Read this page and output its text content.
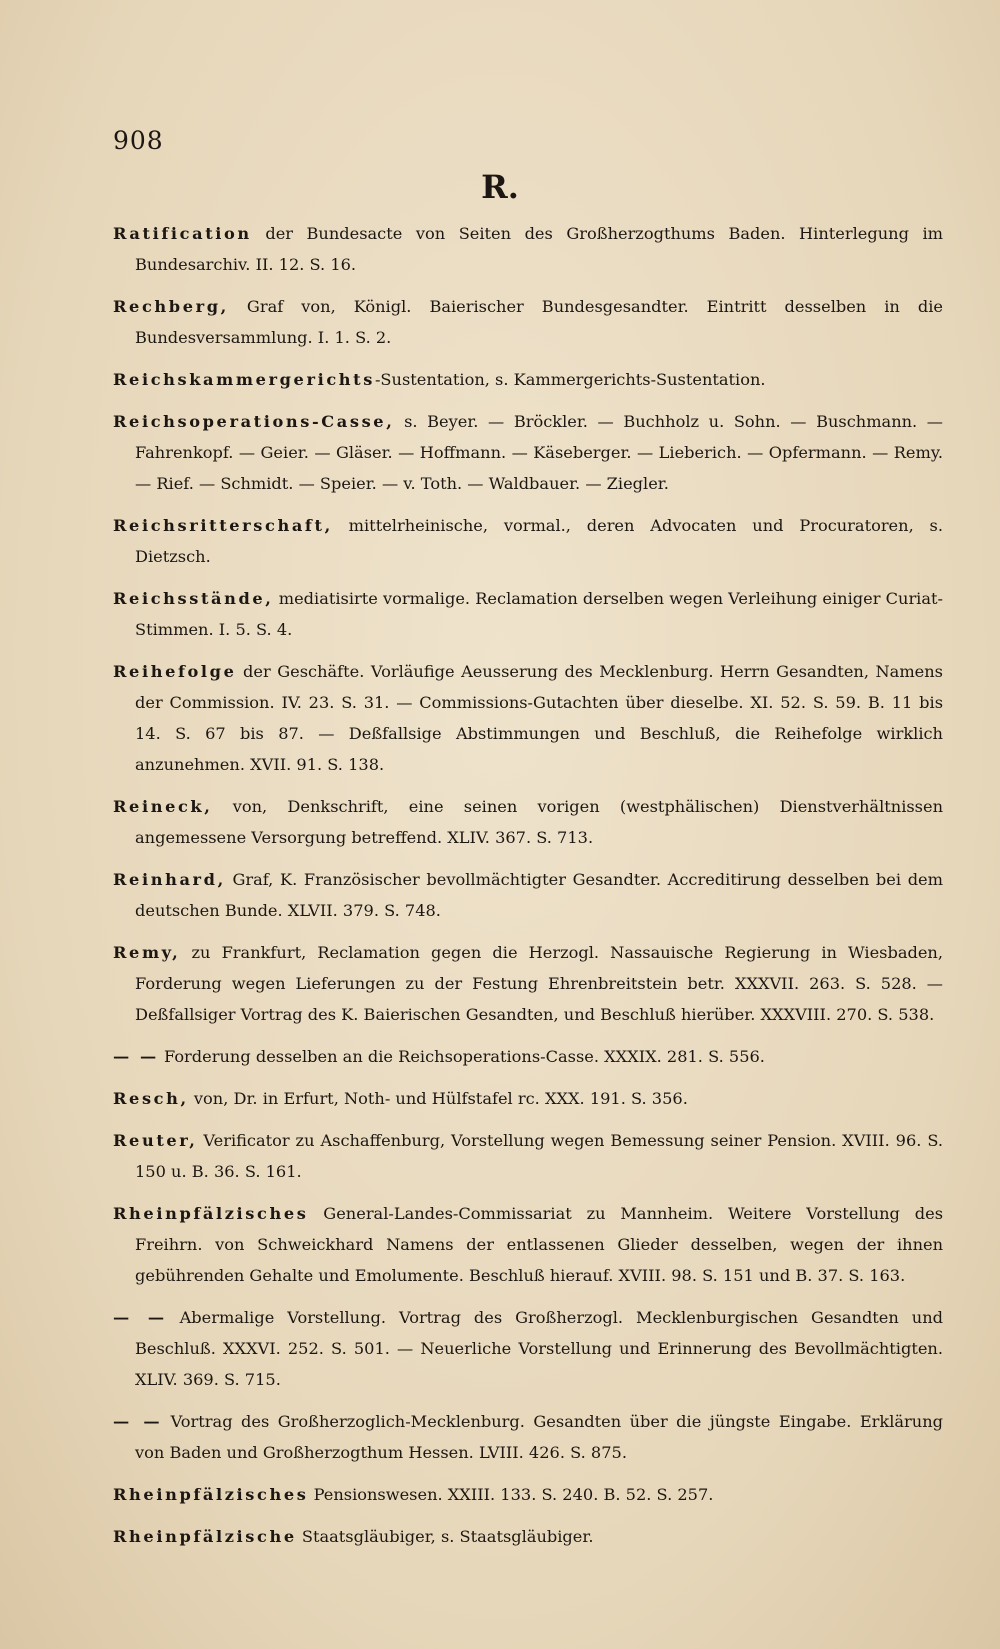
908
R.

Ratification der Bundesacte von Seiten des Großherzogthums Baden. Hinterlegung im Bundesarchiv. II. 12. S. 16.

Rechberg, Graf von, Königl. Baierischer Bundesgesandter. Eintritt desselben in die Bundesversammlung. I. 1. S. 2.

Reichskammergerichts-Sustentation, s. Kammergerichts-Sustentation.

Reichsoperations-Casse, s. Beyer. — Bröckler. — Buchholz u. Sohn. — Buschmann. — Fahrenkopf. — Geier. — Gläser. — Hoffmann. — Käseberger. — Lieberich. — Opfermann. — Remy. — Rief. — Schmidt. — Speier. — v. Toth. — Waldbauer. — Ziegler.

Reichsritterschaft, mittelrheinische, vormal., deren Advocaten und Procuratoren, s. Dietzsch.

Reichsstände, mediatisirte vormalige. Reclamation derselben wegen Verleihung einiger Curiat-Stimmen. I. 5. S. 4.

Reihefolge der Geschäfte. Vorläufige Aeusserung des Mecklenburg. Herrn Gesandten, Namens der Commission. IV. 23. S. 31. — Commissions-Gutachten über dieselbe. XI. 52. S. 59. B. 11 bis 14. S. 67 bis 87. — Deßfallsige Abstimmungen und Beschluß, die Reihefolge wirklich anzunehmen. XVII. 91. S. 138.

Reineck, von, Denkschrift, eine seinen vorigen (westphälischen) Dienstverhältnissen angemessene Versorgung betreffend. XLIV. 367. S. 713.

Reinhard, Graf, K. Französischer bevollmächtigter Gesandter. Accreditirung desselben bei dem deutschen Bunde. XLVII. 379. S. 748.

Remy, zu Frankfurt, Reclamation gegen die Herzogl. Nassauische Regierung in Wiesbaden, Forderung wegen Lieferungen zu der Festung Ehrenbreitstein betr. XXXVII. 263. S. 528. — Deßfallsiger Vortrag des K. Baierischen Gesandten, und Beschluß hierüber. XXXVIII. 270. S. 538.

— — Forderung desselben an die Reichsoperations-Casse. XXXIX. 281. S. 556.

Resch, von, Dr. in Erfurt, Noth- und Hülfstafel rc. XXX. 191. S. 356.

Reuter, Verificator zu Aschaffenburg, Vorstellung wegen Bemessung seiner Pension. XVIII. 96. S. 150 u. B. 36. S. 161.

Rheinpfälzisches General-Landes-Commissariat zu Mannheim. Weitere Vorstellung des Freihrn. von Schweickhard Namens der entlassenen Glieder desselben, wegen der ihnen gebührenden Gehalte und Emolumente. Beschluß hierauf. XVIII. 98. S. 151 und B. 37. S. 163.

— — Abermalige Vorstellung. Vortrag des Großherzogl. Mecklenburgischen Gesandten und Beschluß. XXXVI. 252. S. 501. — Neuerliche Vorstellung und Erinnerung des Bevollmächtigten. XLIV. 369. S. 715.

— — Vortrag des Großherzoglich-Mecklenburg. Gesandten über die jüngste Eingabe. Erklärung von Baden und Großherzogthum Hessen. LVIII. 426. S. 875.

Rheinpfälzisches Pensionswesen. XXIII. 133. S. 240. B. 52. S. 257.

Rheinpfälzische Staatsgläubiger, s. Staatsgläubiger.
